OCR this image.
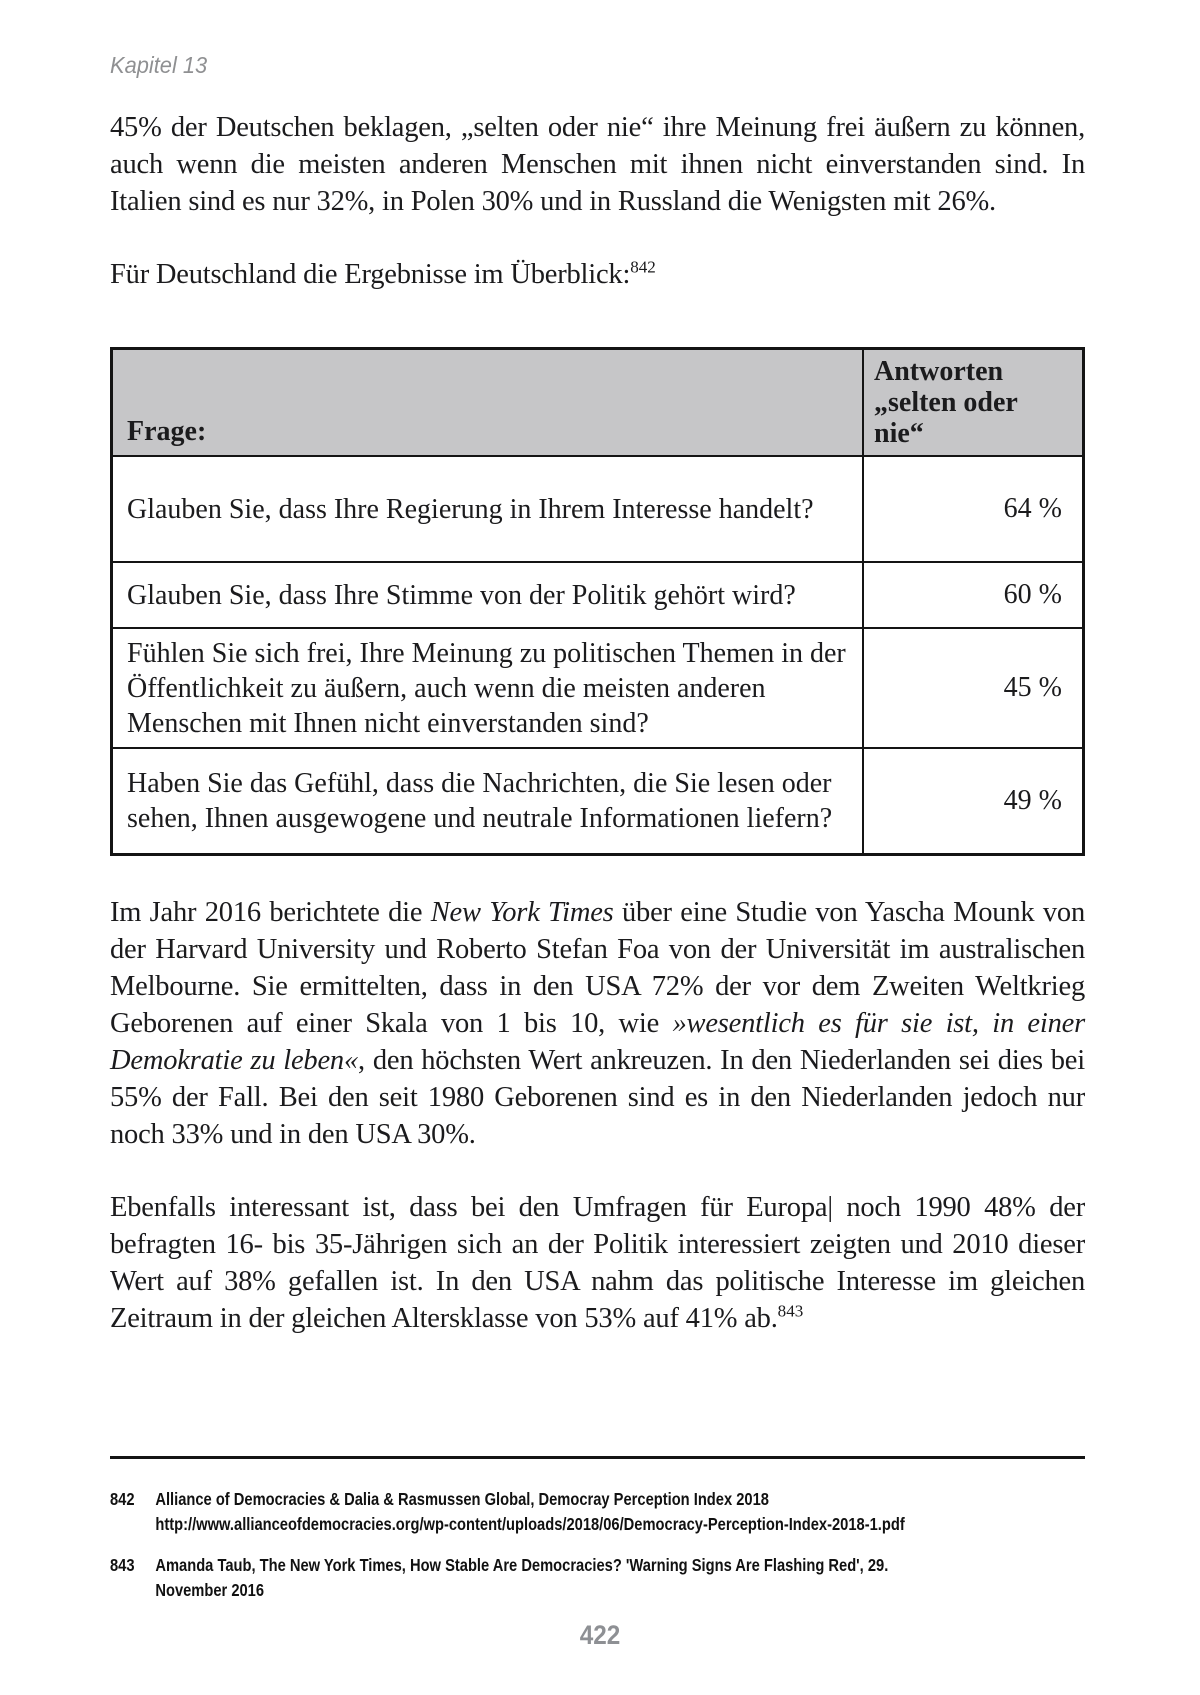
Kapitel 13

45% der Deutschen beklagen, „selten oder nie“ ihre Meinung frei äußern zu können, auch wenn die meisten anderen Menschen mit ihnen nicht einverstanden sind. In Italien sind es nur 32%, in Polen 30% und in Russland die Wenigsten mit 26%.

Für Deutschland die Ergebnisse im Überblick:$^{842}$

Frage:	Antworten „selten oder nie“
Glauben Sie, dass Ihre Regierung in Ihrem Interesse handelt?	64 %
Glauben Sie, dass Ihre Stimme von der Politik gehört wird?	60 %
Fühlen Sie sich frei, Ihre Meinung zu politischen Themen in der Öffentlichkeit zu äußern, auch wenn die meisten anderen Menschen mit Ihnen nicht einverstanden sind?	45 %
Haben Sie das Gefühl, dass die Nachrichten, die Sie lesen oder sehen, Ihnen ausgewogene und neutrale Informationen liefern?	49 %

Im Jahr 2016 berichtete die New York Times über eine Studie von Yascha Mounk von der Harvard University und Roberto Stefan Foa von der Universität im australischen Melbourne. Sie ermittelten, dass in den USA 72% der vor dem Zweiten Weltkrieg Geborenen auf einer Skala von 1 bis 10, wie »wesentlich es für sie ist, in einer Demokratie zu leben«, den höchsten Wert ankreuzen. In den Niederlanden sei dies bei 55% der Fall. Bei den seit 1980 Geborenen sind es in den Niederlanden jedoch nur noch 33% und in den USA 30%.

Ebenfalls interessant ist, dass bei den Umfragen für Europa| noch 1990 48% der befragten 16- bis 35-Jährigen sich an der Politik interessiert zeigten und 2010 dieser Wert auf 38% gefallen ist. In den USA nahm das politische Interesse im gleichen Zeitraum in der gleichen Altersklasse von 53% auf 41% ab.$^{843}$

842 Alliance of Democracies & Dalia & Rasmussen Global, Democray Perception Index 2018
http://www.allianceofdemocracies.org/wp-content/uploads/2018/06/Democracy-Perception-Index-2018-1.pdf
843 Amanda Taub, The New York Times, How Stable Are Democracies? 'Warning Signs Are Flashing Red', 29. November 2016
422
